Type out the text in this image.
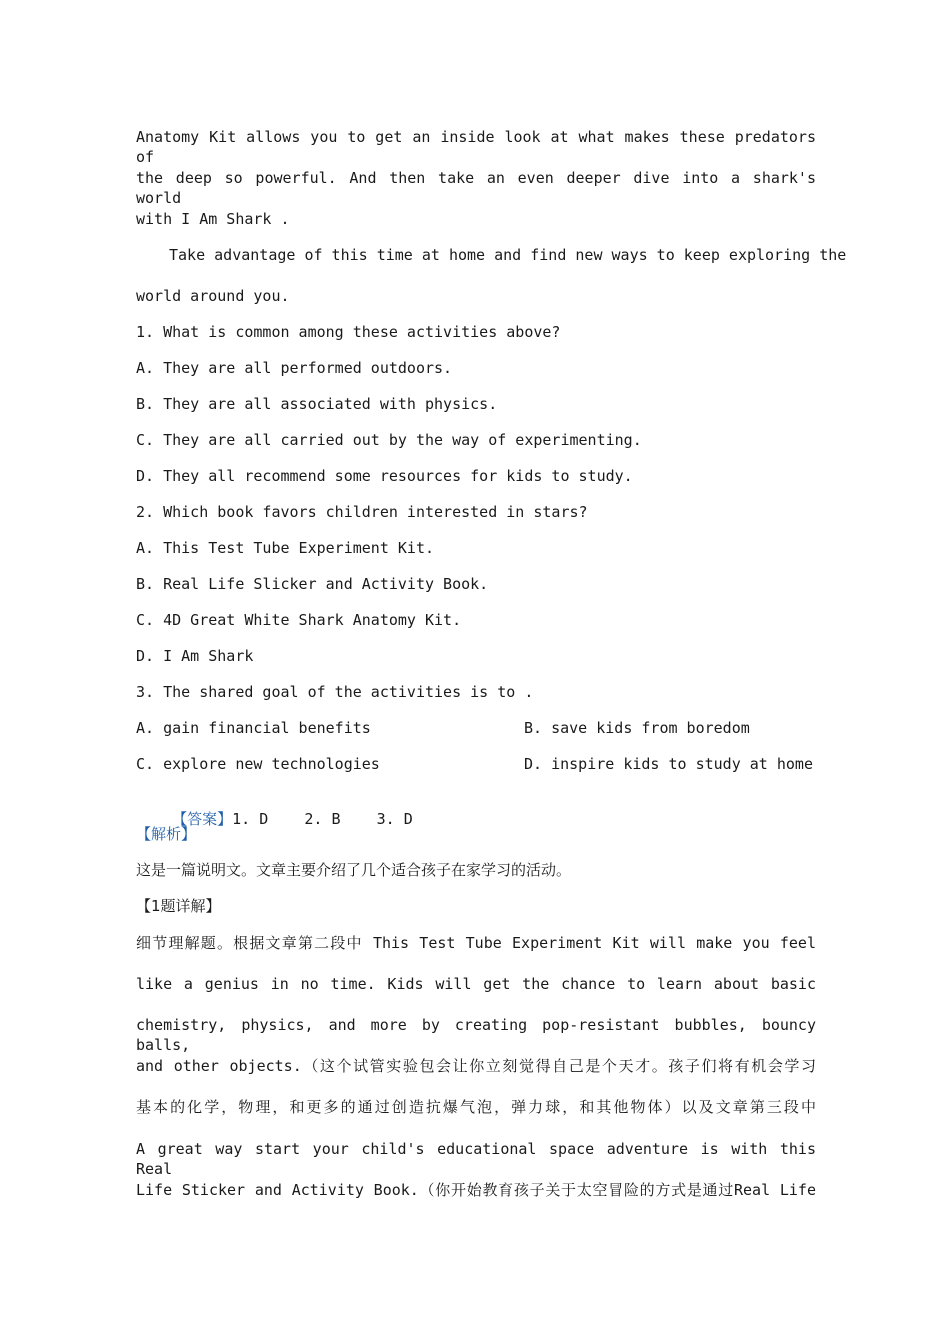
Anatomy Kit allows you to get an inside look at what makes these predators of
the deep so powerful. And then take an even deeper dive into a shark's world
with I Am Shark .
Take advantage of this time at home and find new ways to keep exploring the
world around you.
1. What is common among these activities above?
A. They are all performed outdoors.
B. They are all associated with physics.
C. They are all carried out by the way of experimenting.
D. They all recommend some resources for kids to study.
2. Which book favors children interested in stars?
A. This Test Tube Experiment Kit.
B. Real Life Slicker and Activity Book.
C. 4D Great White Shark Anatomy Kit.
D. I Am Shark
3. The shared goal of the activities is to .
A. gain financial benefits	B. save kids from boredom
C. explore new technologies	D. inspire kids to study at home

【答案】1. D    2. B    3. D

【解析】
这是一篇说明文。文章主要介绍了几个适合孩子在家学习的活动。
【1题详解】
细节理解题。根据文章第二段中 This Test Tube Experiment Kit will make you feel
like a genius in no time. Kids will get the chance to learn about basic
chemistry, physics, and more by creating pop-resistant bubbles, bouncy balls,
and other objects.（这个试管实验包会让你立刻觉得自己是个天才。孩子们将有机会学习
基本的化学，物理，和更多的通过创造抗爆气泡，弹力球，和其他物体）以及文章第三段中
A great way start your child's educational space adventure is with this Real
Life Sticker and Activity Book.（你开始教育孩子关于太空冒险的方式是通过Real Life
